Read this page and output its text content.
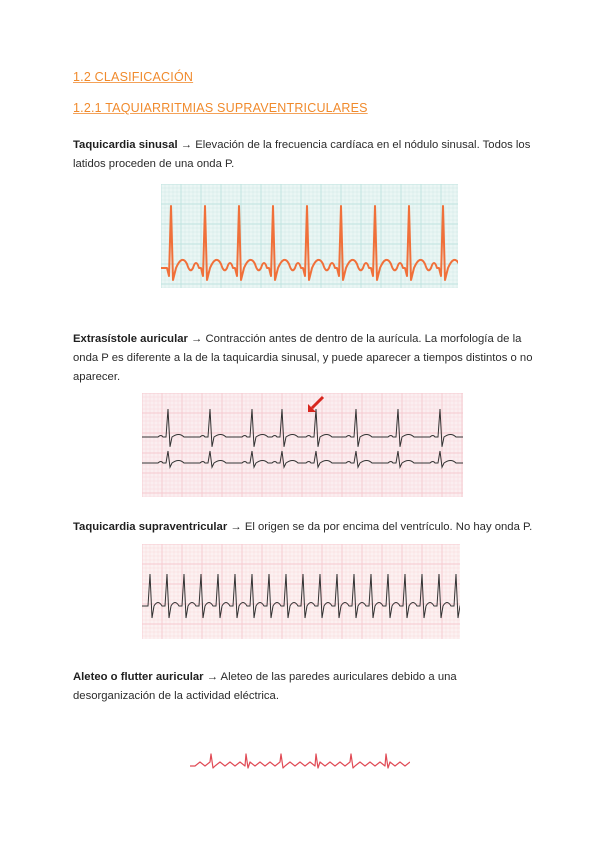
1.2 CLASIFICACIÓN
1.2.1 TAQUIARRITMIAS SUPRAVENTRICULARES
Taquicardia sinusal → Elevación de la frecuencia cardíaca en el nódulo sinusal. Todos los latidos proceden de una onda P.
Extrasístole auricular → Contracción antes de dentro de la aurícula. La morfología de la onda P es diferente a la de la taquicardia sinusal, y puede aparecer a tiempos distintos o no aparecer.
Taquicardia supraventricular → El origen se da por encima del ventrículo. No hay onda P.
Aleteo o flutter auricular → Aleteo de las paredes auriculares debido a una desorganización de la actividad eléctrica.
